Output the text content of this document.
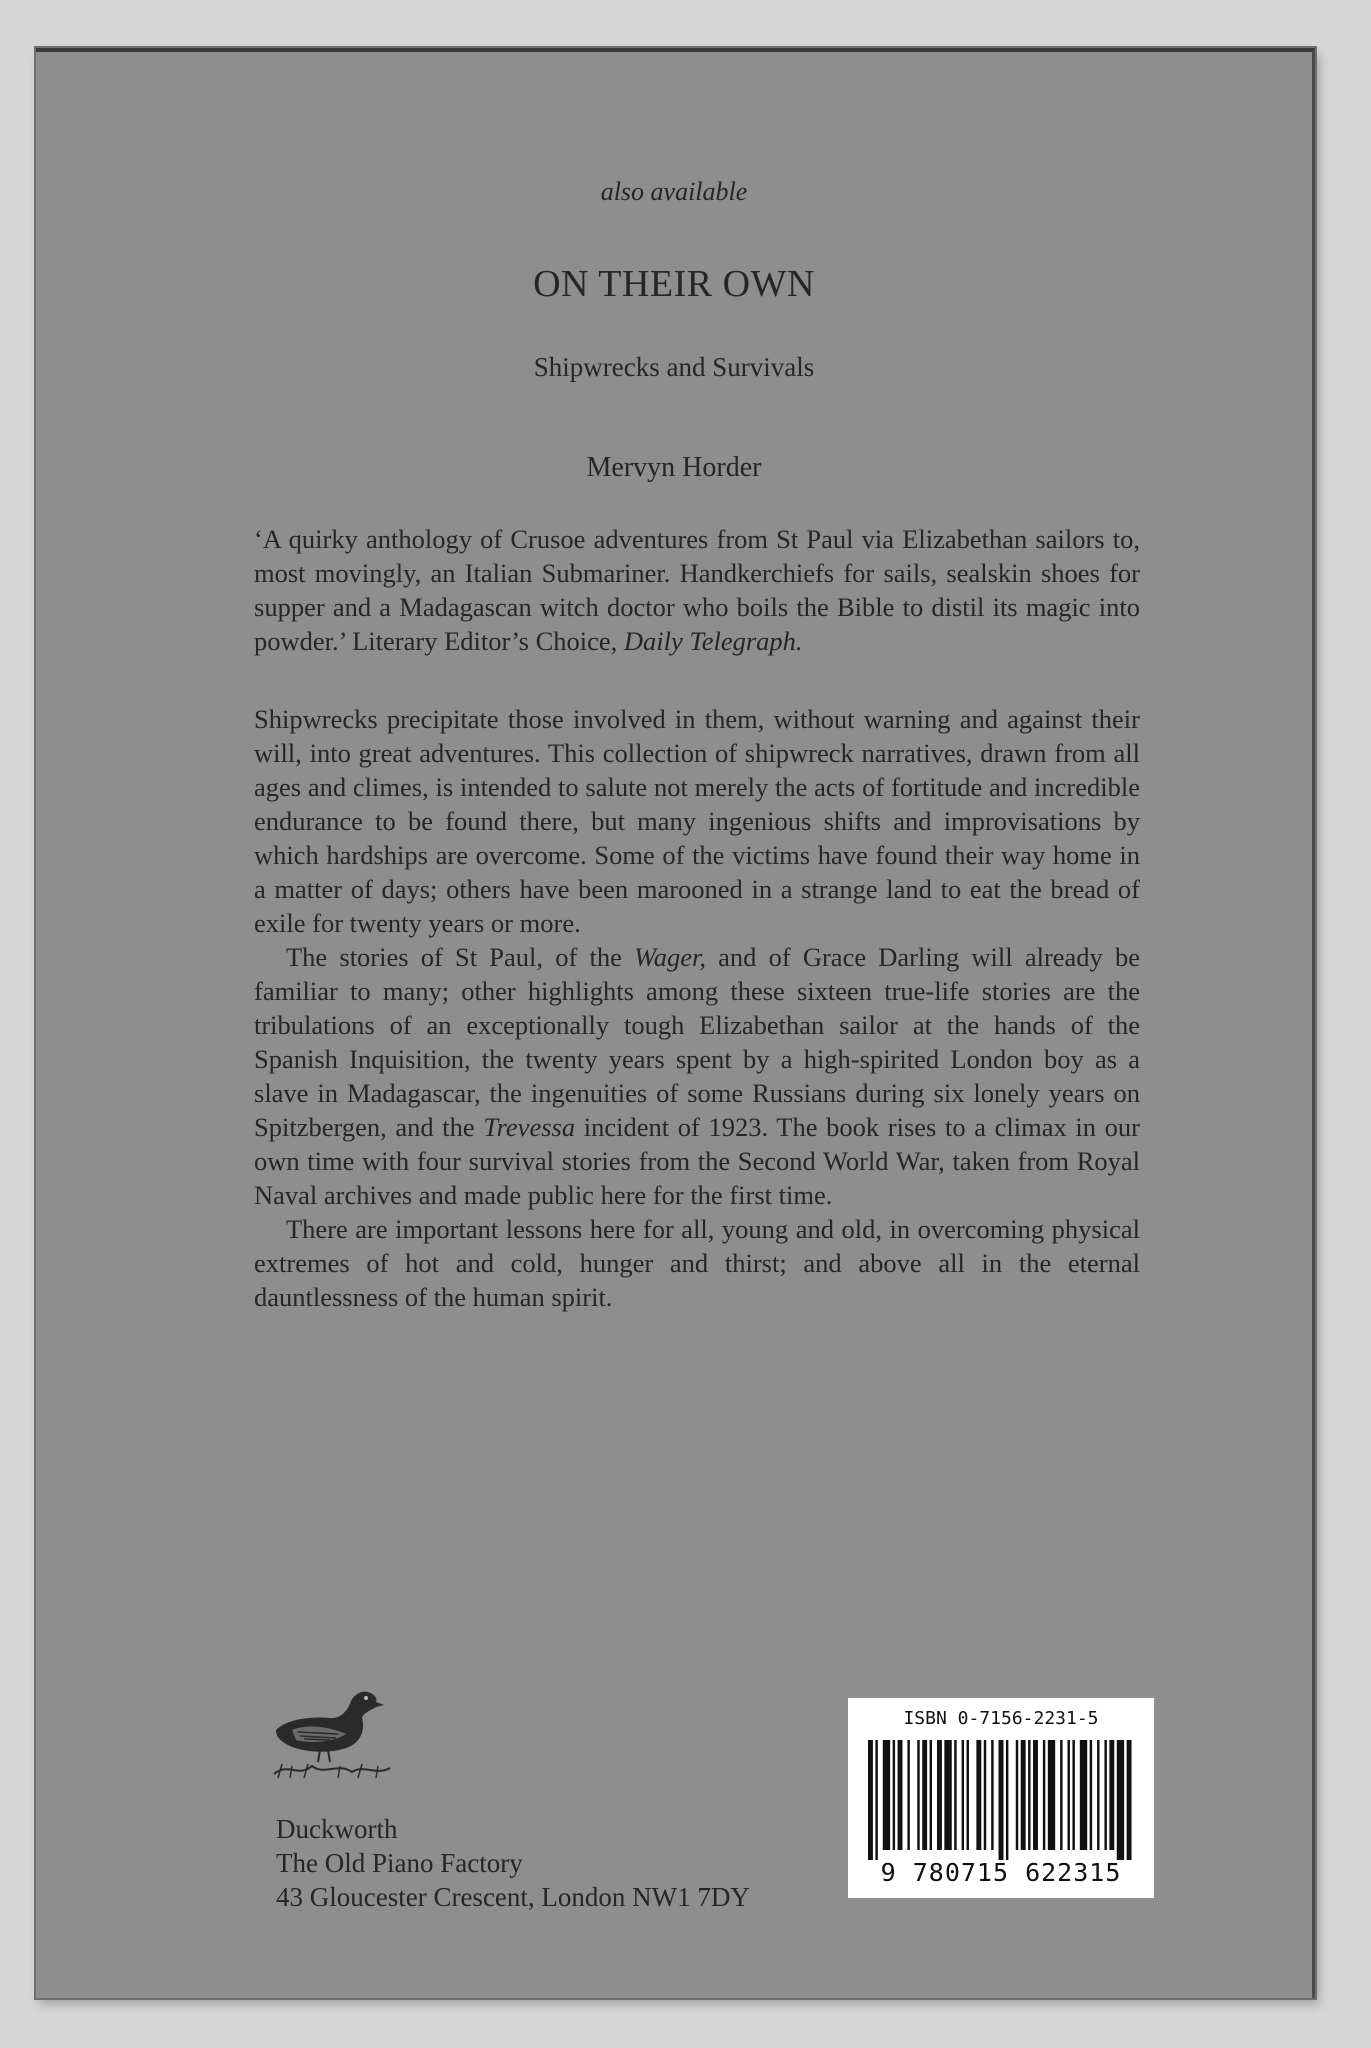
also available
ON THEIR OWN
Shipwrecks and Survivals
Mervyn Horder

‘A quirky anthology of Crusoe adventures from St Paul via Elizabethan sailors to, most movingly, an Italian Submariner. Handkerchiefs for sails, sealskin shoes for supper and a Madagascan witch doctor who boils the Bible to distil its magic into powder.’ Literary Editor’s Choice, Daily Telegraph.

Shipwrecks precipitate those involved in them, without warning and against their will, into great adventures. This collection of shipwreck narratives, drawn from all ages and climes, is intended to salute not merely the acts of fortitude and incredible endurance to be found there, but many ingenious shifts and improvisations by which hardships are overcome. Some of the victims have found their way home in a matter of days; others have been marooned in a strange land to eat the bread of exile for twenty years or more.

The stories of St Paul, of the Wager, and of Grace Darling will already be familiar to many; other highlights among these sixteen true-life stories are the tribulations of an exceptionally tough Elizabethan sailor at the hands of the Spanish Inquisition, the twenty years spent by a high-spirited London boy as a slave in Madagascar, the ingenuities of some Russians during six lonely years on Spitzbergen, and the Trevessa incident of 1923. The book rises to a climax in our own time with four survival stories from the Second World War, taken from Royal Naval archives and made public here for the first time.

There are important lessons here for all, young and old, in overcoming physical extremes of hot and cold, hunger and thirst; and above all in the eternal dauntlessness of the human spirit.

Duckworth
The Old Piano Factory
43 Gloucester Crescent, London NW1 7DY
ISBN 0-7156-2231-5
9 780715 622315
